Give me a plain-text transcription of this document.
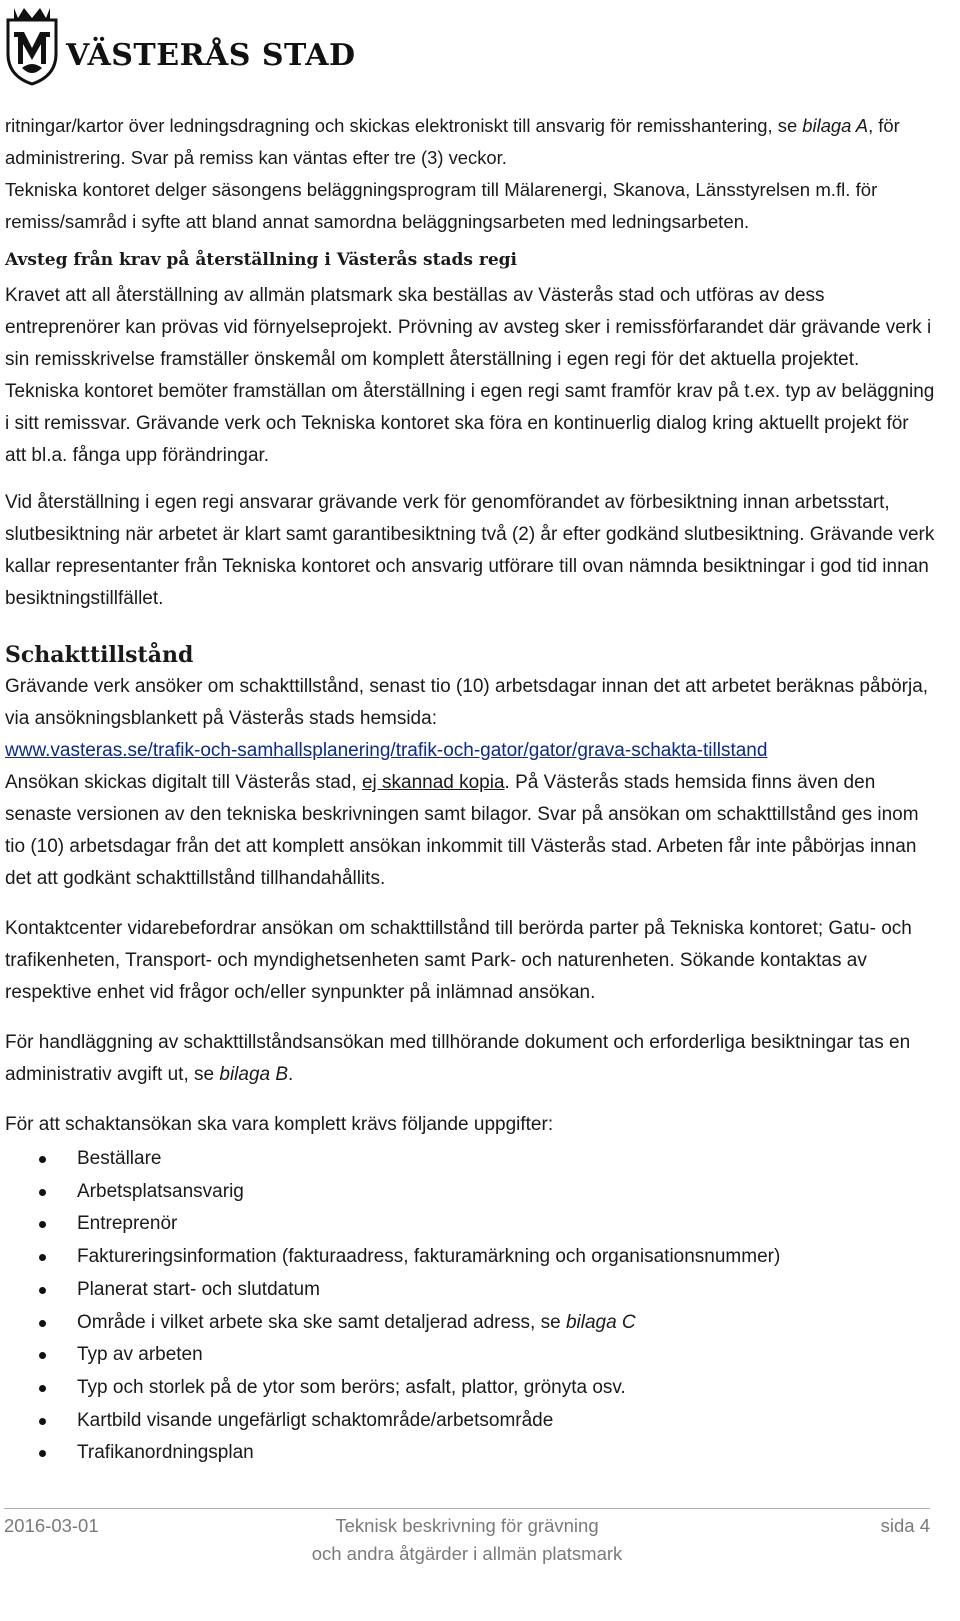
VÄSTERÅS STAD

ritningar/kartor över ledningsdragning och skickas elektroniskt till ansvarig för remisshantering, se bilaga A, för administrering. Svar på remiss kan väntas efter tre (3) veckor.

Tekniska kontoret delger säsongens beläggningsprogram till Mälarenergi, Skanova, Länsstyrelsen m.fl. för remiss/samråd i syfte att bland annat samordna beläggningsarbeten med ledningsarbeten.

Avsteg från krav på återställning i Västerås stads regi

Kravet att all återställning av allmän platsmark ska beställas av Västerås stad och utföras av dess entreprenörer kan prövas vid förnyelseprojekt. Prövning av avsteg sker i remissförfarandet där grävande verk i sin remisskrivelse framställer önskemål om komplett återställning i egen regi för det aktuella projektet. Tekniska kontoret bemöter framställan om återställning i egen regi samt framför krav på t.ex. typ av beläggning i sitt remissvar. Grävande verk och Tekniska kontoret ska föra en kontinuerlig dialog kring aktuellt projekt för att bl.a. fånga upp förändringar.

Vid återställning i egen regi ansvarar grävande verk för genomförandet av förbesiktning innan arbetsstart, slutbesiktning när arbetet är klart samt garantibesiktning två (2) år efter godkänd slutbesiktning. Grävande verk kallar representanter från Tekniska kontoret och ansvarig utförare till ovan nämnda besiktningar i god tid innan besiktningstillfället.

Schakttillstånd

Grävande verk ansöker om schakttillstånd, senast tio (10) arbetsdagar innan det att arbetet beräknas påbörja, via ansökningsblankett på Västerås stads hemsida:
www.vasteras.se/trafik-och-samhallsplanering/trafik-och-gator/gator/grava-schakta-tillstand
Ansökan skickas digitalt till Västerås stad, ej skannad kopia. På Västerås stads hemsida finns även den senaste versionen av den tekniska beskrivningen samt bilagor. Svar på ansökan om schakttillstånd ges inom tio (10) arbetsdagar från det att komplett ansökan inkommit till Västerås stad. Arbeten får inte påbörjas innan det att godkänt schakttillstånd tillhandahållits.

Kontaktcenter vidarebefordrar ansökan om schakttillstånd till berörda parter på Tekniska kontoret; Gatu- och trafikenheten, Transport- och myndighetsenheten samt Park- och naturenheten. Sökande kontaktas av respektive enhet vid frågor och/eller synpunkter på inlämnad ansökan.

För handläggning av schakttillståndsansökan med tillhörande dokument och erforderliga besiktningar tas en administrativ avgift ut, se bilaga B.

För att schaktansökan ska vara komplett krävs följande uppgifter:

Beställare
Arbetsplatsansvarig
Entreprenör
Faktureringsinformation (fakturaadress, fakturamärkning och organisationsnummer)
Planerat start- och slutdatum
Område i vilket arbete ska ske samt detaljerad adress, se bilaga C
Typ av arbeten
Typ och storlek på de ytor som berörs; asfalt, plattor, grönyta osv.
Kartbild visande ungefärligt schaktområde/arbetsområde
Trafikanordningsplan
2016-03-01	Teknisk beskrivning för grävning
och andra åtgärder i allmän platsmark
sida 4
